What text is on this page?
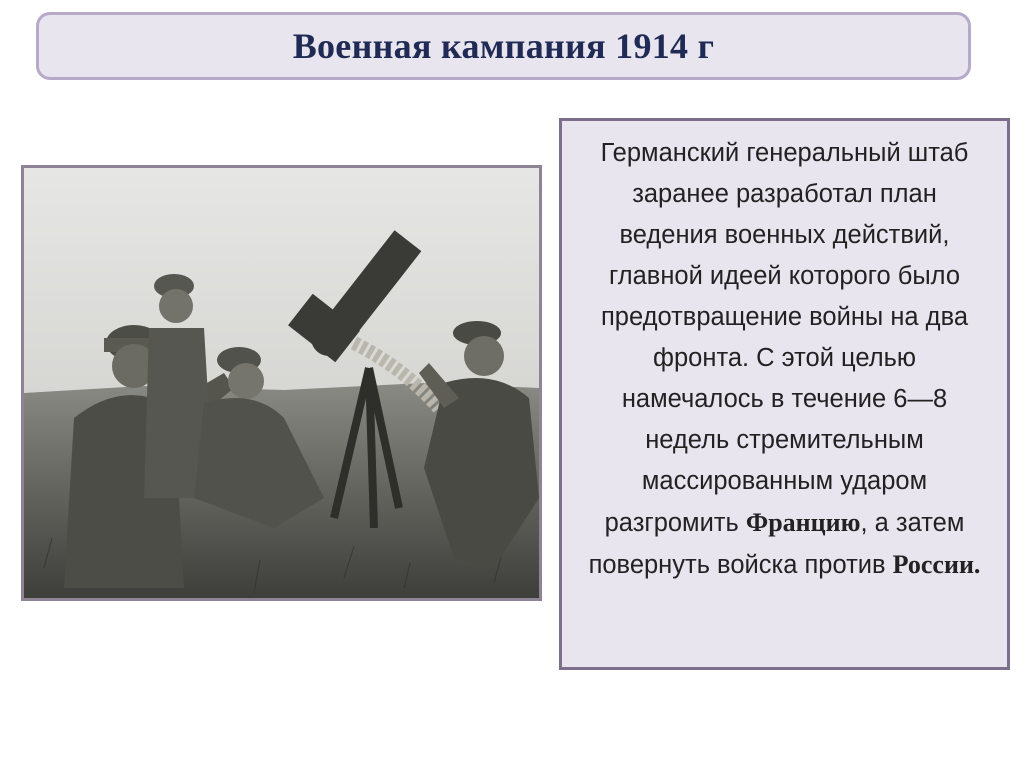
Военная кампания 1914 г
Германский генеральный штаб заранее разработал план ведения военных действий, главной идеей которого было предотвращение войны на два фронта. С этой целью намечалось в течение 6—8 недель стремительным массированным ударом разгромить Францию, а затем повернуть войска против России.
